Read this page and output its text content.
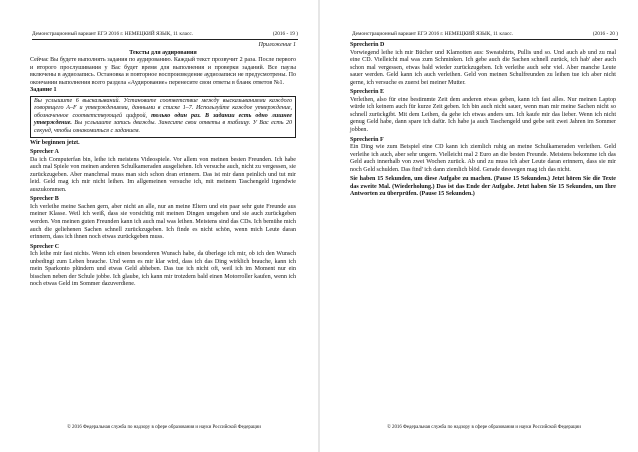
Демонстрационный вариант ЕГЭ 2016 г. НЕМЕЦКИЙ ЯЗЫК, 11 класс.	(2016 - 19 )

Приложение 1

Тексты для аудирования

Сейчас Вы будете выполнять задания по аудированию. Каждый текст прозвучит 2 раза. После первого и второго прослушивания у Вас будет время для выполнения и проверки заданий. Все паузы включены в аудиозапись. Остановка и повторное воспроизведение аудиозаписи не предусмотрены. По окончании выполнения всего раздела «Аудирование» перенесите свои ответы в бланк ответов №1.

Задание 1

Вы услышите 6 высказываний. Установите соответствие между высказываниями каждого говорящего A–F и утверждениями, данными в списке 1–7. Используйте каждое утверждение, обозначенное соответствующей цифрой, только один раз. В задании есть одно лишнее утверждение. Вы услышите запись дважды. Занесите свои ответы в таблицу. У Вас есть 20 секунд, чтобы ознакомиться с заданием.

Wir beginnen jetzt.

Sprecher A

Da ich Computerfan bin, leihe ich meistens Videospiele. Vor allem von meinen besten Freunden. Ich habe auch mal Spiele von meinen anderen Schulkameraden ausgeliehen. Ich versuche auch, nicht zu vergessen, sie zurückzugeben. Aber manchmal muss man sich schon dran erinnern. Das ist mir dann peinlich und tut mir leid. Geld mag ich mir nicht leihen. Im allgemeinen versuche ich, mit meinem Taschengeld irgendwie auszukommen.

Sprecher B

Ich verleihe meine Sachen gern, aber nicht an alle, nur an meine Eltern und ein paar sehr gute Freunde aus meiner Klasse. Weil ich weiß, dass sie vorsichtig mit meinen Dingen umgehen und sie auch zurückgeben werden. Von meinen guten Freunden kann ich auch mal was leihen. Meistens sind das CDs. Ich bemühe mich auch die geliehenen Sachen schnell zurückzugeben. Ich finde es nicht schön, wenn mich Leute daran erinnern, dass ich ihnen noch etwas zurückgeben muss.

Sprecher C

Ich leihe mir fast nichts. Wenn ich einen besonderen Wunsch habe, da überlege ich mir, ob ich den Wunsch unbedingt zum Leben brauche. Und wenn es mir klar wird, dass ich das Ding wirklich brauche, kann ich mein Sparkonto plündern und etwas Geld abheben. Das tue ich nicht oft, weil ich im Moment nur ein bisschen neben der Schule jobbe. Ich glaube, ich kann mir trotzdem bald einen Motorroller kaufen, wenn ich noch etwas Geld im Sommer dazuverdiene.

© 2016 Федеральная служба по надзору в сфере образования и науки Российской Федерации
Демонстрационный вариант ЕГЭ 2016 г. НЕМЕЦКИЙ ЯЗЫК, 11 класс.	(2016 - 20 )

Sprecherin D

Vorwiegend leihe ich mir Bücher und Klamotten aus: Sweatshirts, Pullis und so. Und auch ab und zu mal eine CD. Vielleicht mal was zum Schminken. Ich gebe auch die Sachen schnell zurück, ich hab' aber auch schon mal vergessen, etwas bald wieder zurückzugeben. Ich verleihe auch sehr viel. Aber manche Leute sauer werden. Geld kann ich auch verleihen. Geld von meinen Schulfreunden zu leihen tue ich aber nicht gerne, ich versuche es zuerst bei meiner Mutter.

Sprecherin E

Verleihen, also für eine bestimmte Zeit dem anderen etwas geben, kann ich fast alles. Nur meinen Laptop würde ich keinem auch für kurze Zeit geben. Ich bin auch nicht sauer, wenn man mir meine Sachen nicht so schnell zurückgibt. Mit dem Leihen, da gehe ich etwas anders um. Ich kaufe mir das lieber. Wenn ich nicht genug Geld habe, dann spare ich dafür. Ich habe ja auch Taschengeld und gebe seit zwei Jahren im Sommer jobben.

Sprecherin F

Ein Ding wie zum Beispiel eine CD kann ich ziemlich ruhig an meine Schulkameraden verleihen. Geld verleihe ich auch, aber sehr ungern. Vielleicht mal 2 Euro an die besten Freunde. Meistens bekomme ich das Geld auch innerhalb von zwei Wochen zurück. Ab und zu muss ich aber Leute daran erinnern, dass sie mir noch Geld schulden. Das find' ich dann ziemlich blöd. Gerade deswegen mag ich das nicht.

Sie haben 15 Sekunden, um diese Aufgabe zu machen. (Pause 15 Sekunden.) Jetzt hören Sie die Texte das zweite Mal. (Wiederholung.) Das ist das Ende der Aufgabe. Jetzt haben Sie 15 Sekunden, um Ihre Antworten zu überprüfen. (Pause 15 Sekunden.)

© 2016 Федеральная служба по надзору в сфере образования и науки Российской Федерации
